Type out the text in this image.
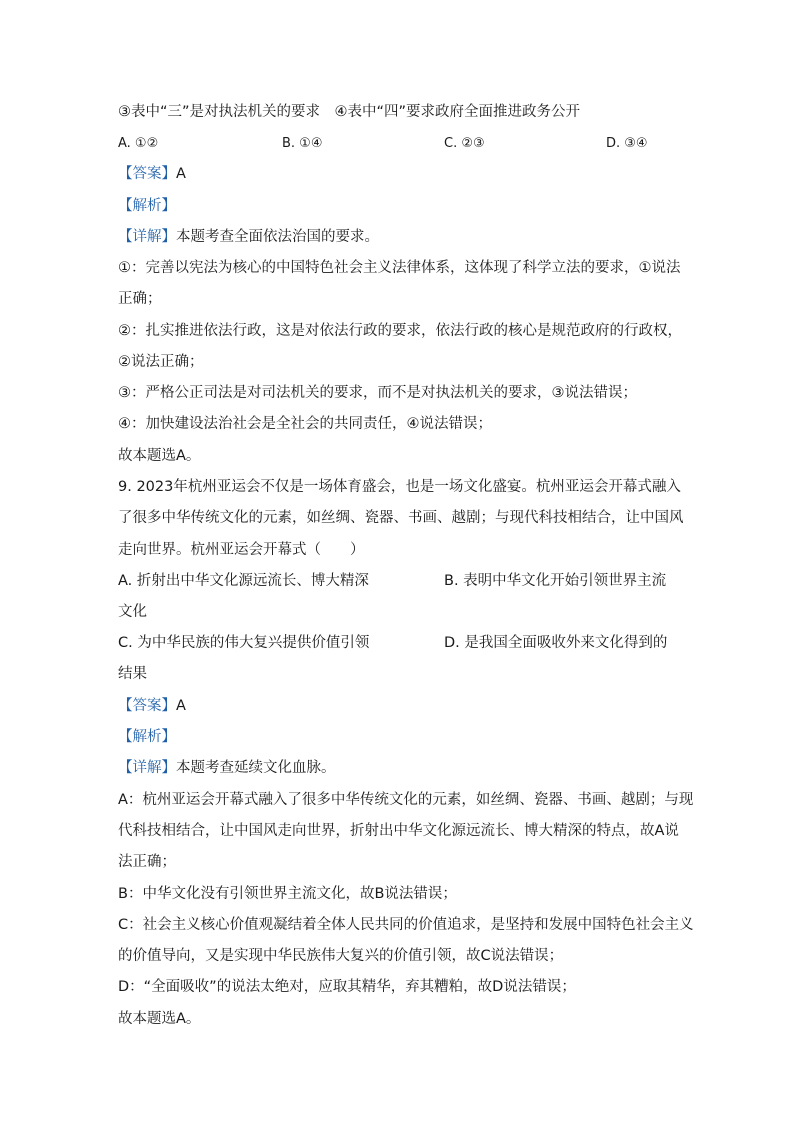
③表中“三”是对执法机关的要求　④表中“四”要求政府全面推进政务公开
A. ①②	B. ①④	C. ②③	D. ③④
【答案】A
【解析】
【详解】本题考查全面依法治国的要求。
①：完善以宪法为核心的中国特色社会主义法律体系，这体现了科学立法的要求，①说法
正确；
②：扎实推进依法行政，这是对依法行政的要求，依法行政的核心是规范政府的行政权，
②说法正确；
③：严格公正司法是对司法机关的要求，而不是对执法机关的要求，③说法错误；
④：加快建设法治社会是全社会的共同责任，④说法错误；
故本题选A。
9. 2023年杭州亚运会不仅是一场体育盛会，也是一场文化盛宴。杭州亚运会开幕式融入
了很多中华传统文化的元素，如丝绸、瓷器、书画、越剧；与现代科技相结合，让中国风
走向世界。杭州亚运会开幕式（　　）
A. 折射出中华文化源远流长、博大精深	B. 表明中华文化开始引领世界主流
文化
C. 为中华民族的伟大复兴提供价值引领	D. 是我国全面吸收外来文化得到的
结果
【答案】A
【解析】
【详解】本题考查延续文化血脉。
A：杭州亚运会开幕式融入了很多中华传统文化的元素，如丝绸、瓷器、书画、越剧；与现
代科技相结合，让中国风走向世界，折射出中华文化源远流长、博大精深的特点，故A说
法正确；
B：中华文化没有引领世界主流文化，故B说法错误；
C：社会主义核心价值观凝结着全体人民共同的价值追求，是坚持和发展中国特色社会主义
的价值导向，又是实现中华民族伟大复兴的价值引领，故C说法错误；
D：“全面吸收”的说法太绝对，应取其精华，弃其糟粕，故D说法错误；
故本题选A。
